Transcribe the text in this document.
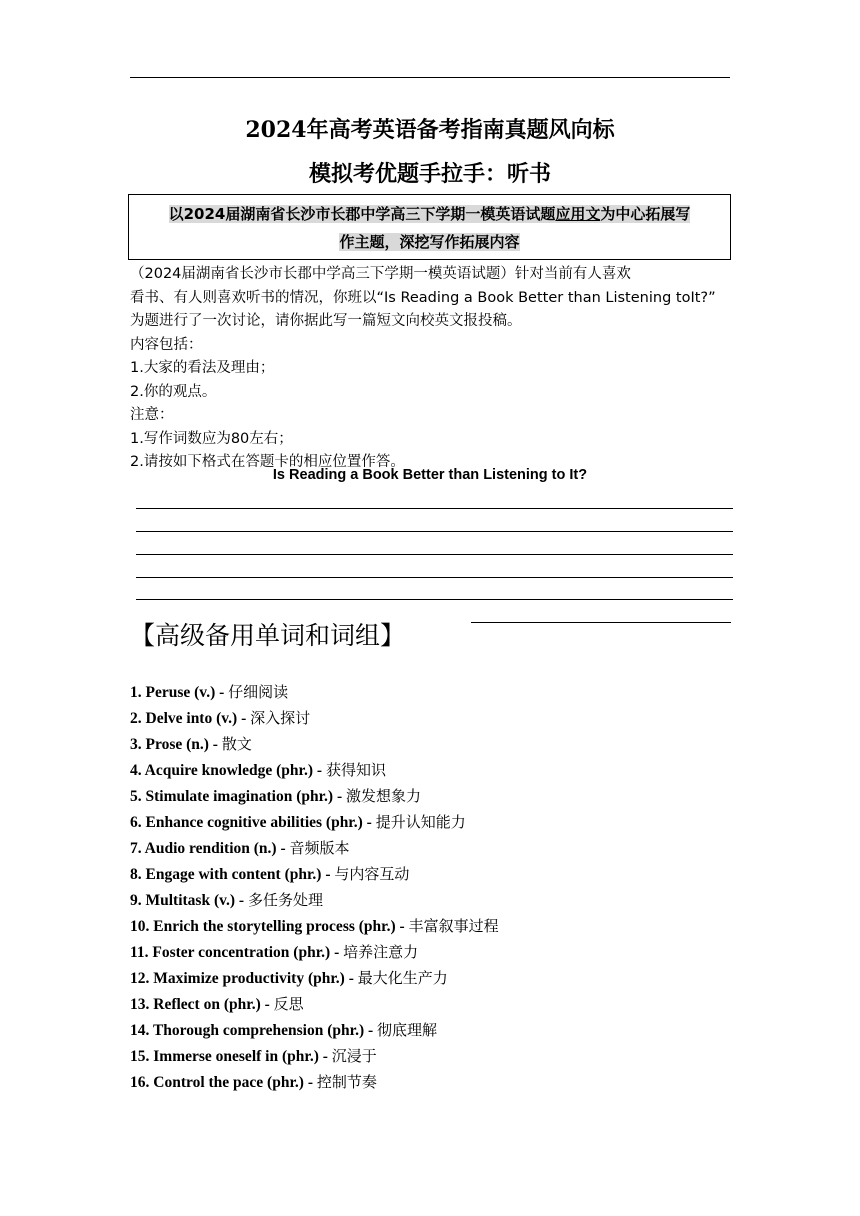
2024年高考英语备考指南真题风向标
模拟考优题手拉手：听书
以2024届湖南省长沙市长郡中学高三下学期一模英语试题应用文为中心拓展写
作主题，深挖写作拓展内容

（2024届湖南省长沙市长郡中学高三下学期一模英语试题）针对当前有人喜欢

看书、有人则喜欢听书的情况，你班以“Is Reading a Book Better than Listening toIt?”

为题进行了一次讨论，请你据此写一篇短文向校英文报投稿。

内容包括：

1.大家的看法及理由；

2.你的观点。

注意：

1.写作词数应为80左右；

2.请按如下格式在答题卡的相应位置作答。

Is Reading a Book Better than Listening to It?
【高级备用单词和词组】
1. Peruse (v.) - 仔细阅读
2. Delve into (v.) - 深入探讨
3. Prose (n.) - 散文
4. Acquire knowledge (phr.) - 获得知识
5. Stimulate imagination (phr.) - 激发想象力
6. Enhance cognitive abilities (phr.) - 提升认知能力
7. Audio rendition (n.) - 音频版本
8. Engage with content (phr.) - 与内容互动
9. Multitask (v.) - 多任务处理
10. Enrich the storytelling process (phr.) - 丰富叙事过程
11. Foster concentration (phr.) - 培养注意力
12. Maximize productivity (phr.) - 最大化生产力
13. Reflect on (phr.) - 反思
14. Thorough comprehension (phr.) - 彻底理解
15. Immerse oneself in (phr.) - 沉浸于
16. Control the pace (phr.) - 控制节奏
